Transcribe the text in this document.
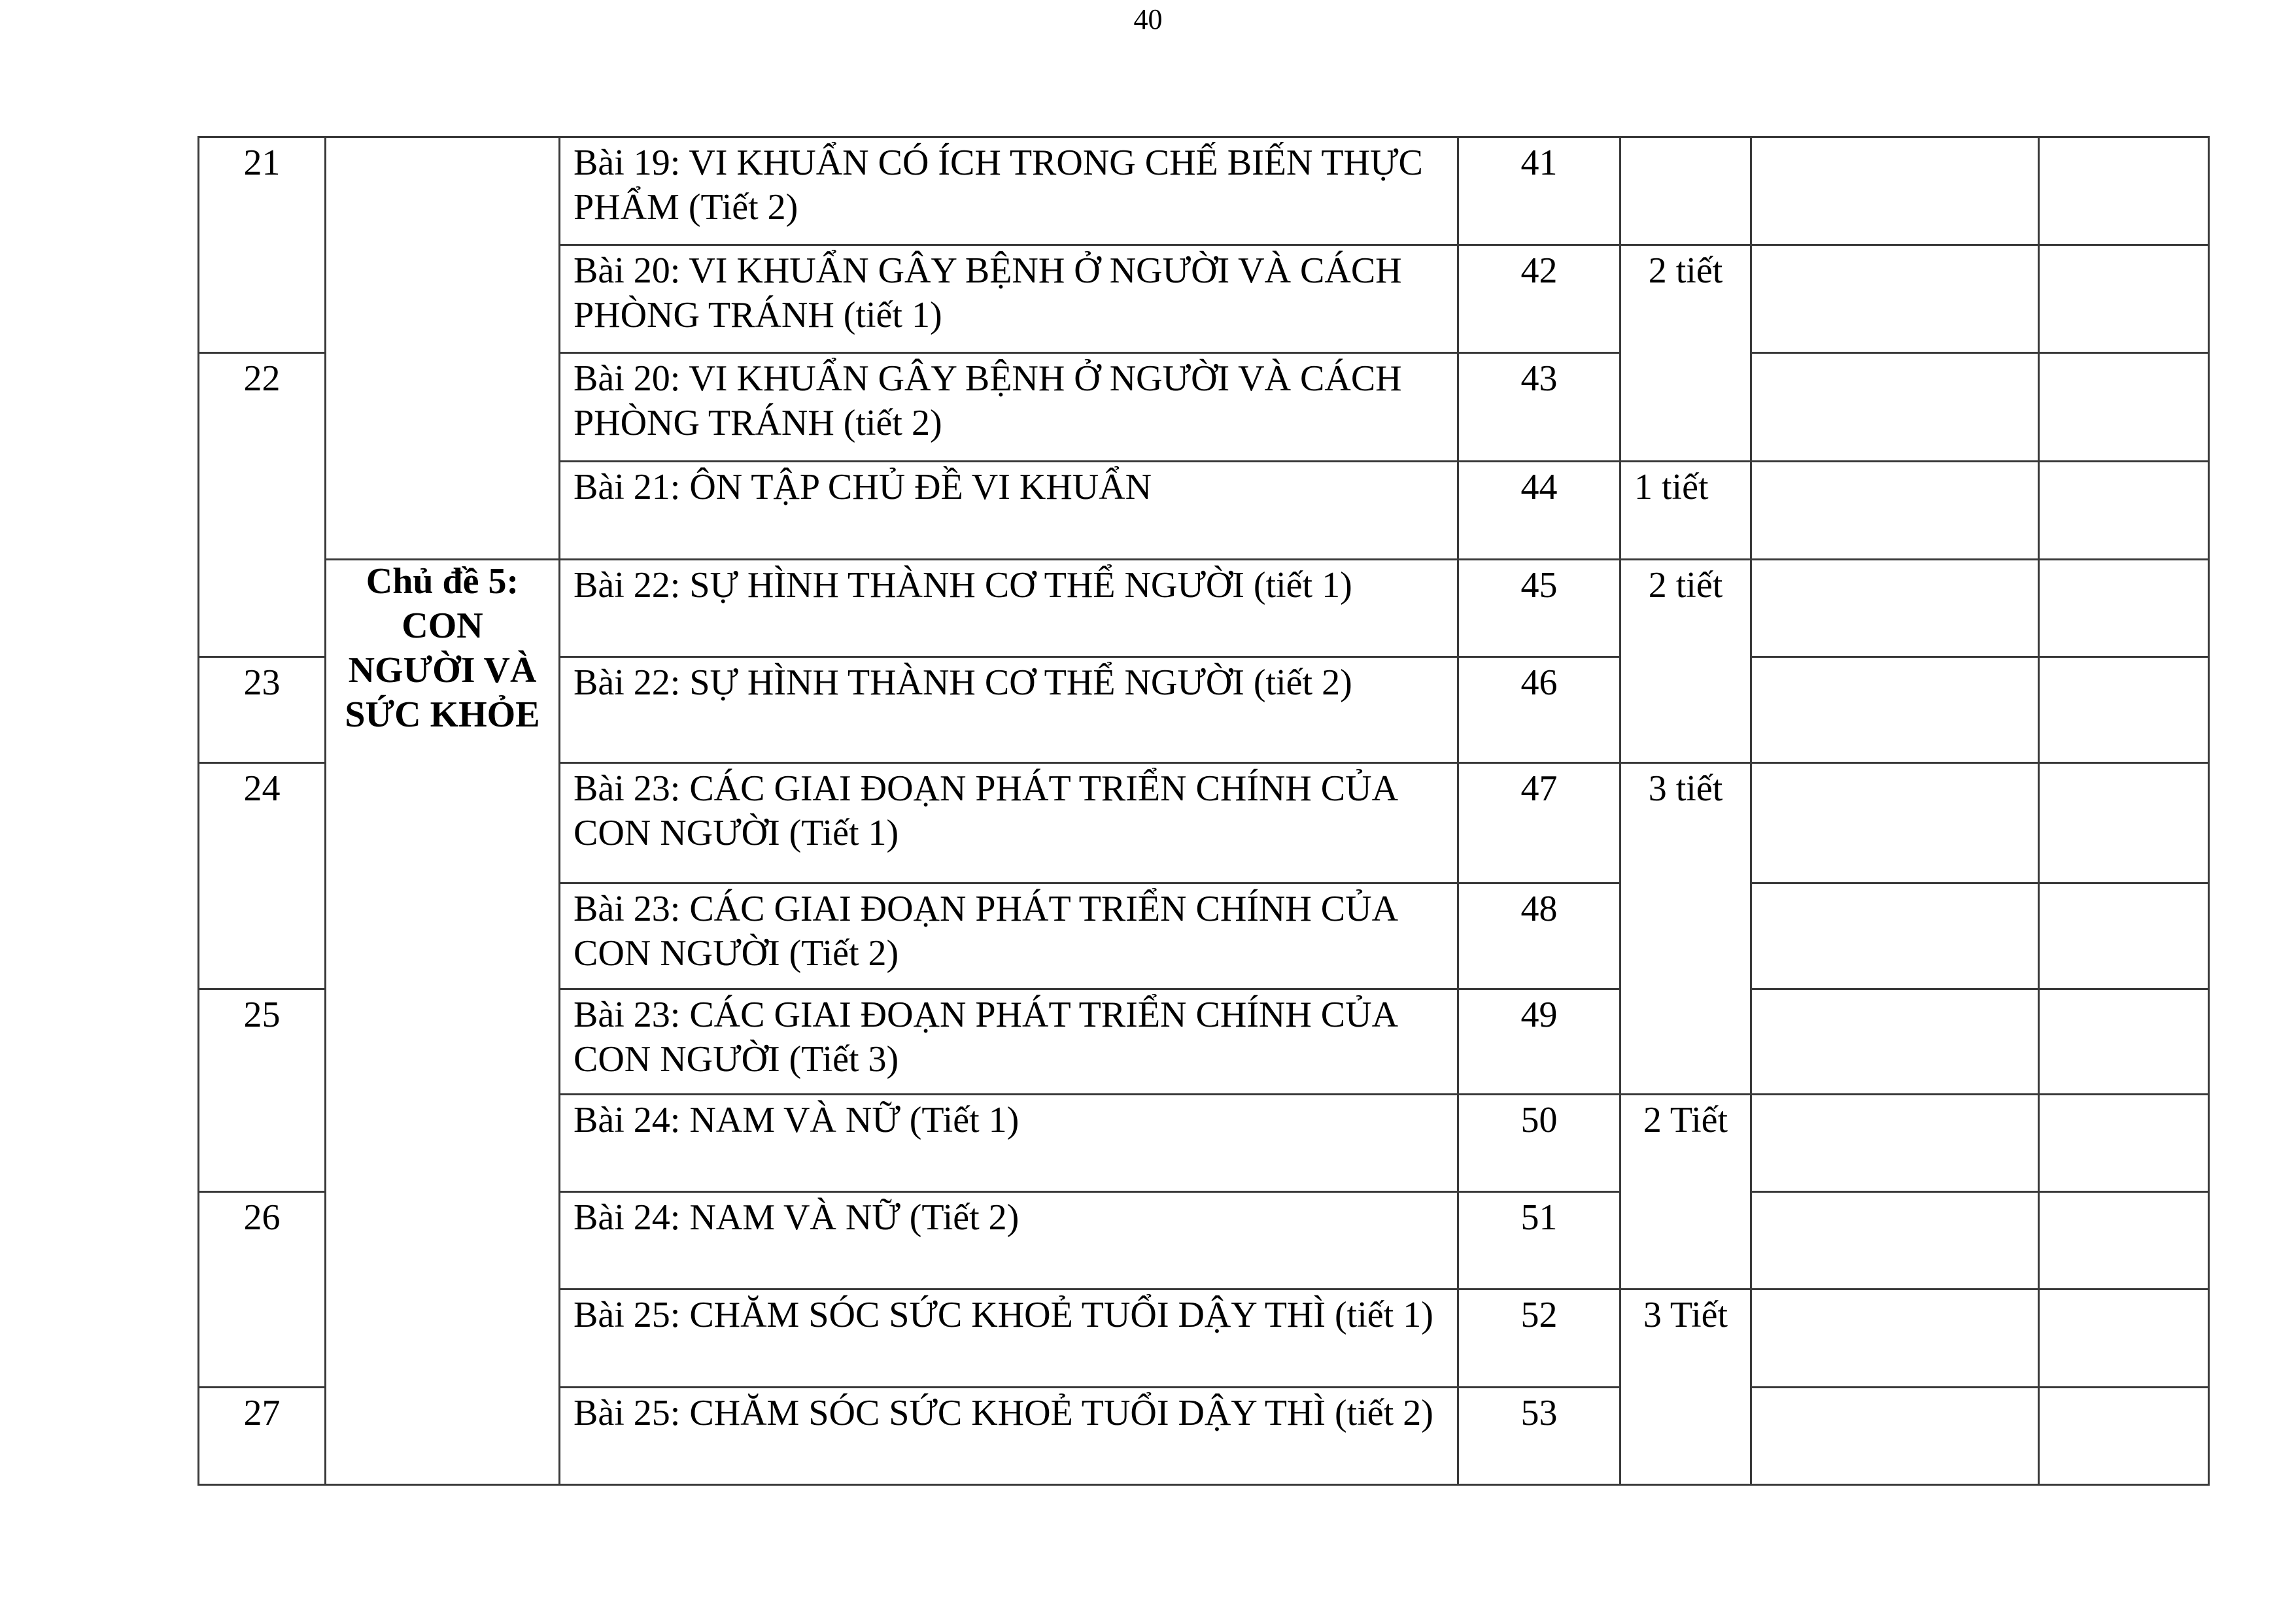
40
21		Bài 19: VI KHUẨN CÓ ÍCH TRONG CHẾ BIẾN THỰC PHẨM (Tiết 2)	41			
		Bài 20: VI KHUẨN GÂY BỆNH Ở NGƯỜI VÀ CÁCH PHÒNG TRÁNH (tiết 1)	42	2 tiết		
22		Bài 20: VI KHUẨN GÂY BỆNH Ở NGƯỜI VÀ CÁCH PHÒNG TRÁNH (tiết 2)	43			
		Bài 21: ÔN TẬP CHỦ ĐỀ VI KHUẨN	44	1 tiết		

	Chủ đề 5: CON NGƯỜI VÀ SỨC KHỎE	Bài 22: SỰ HÌNH THÀNH CƠ THỂ NGƯỜI (tiết 1)	45	2 tiết		
23		Bài 22: SỰ HÌNH THÀNH CƠ THỂ NGƯỜI (tiết 2)	46			
24		Bài 23: CÁC GIAI ĐOẠN PHÁT TRIỂN CHÍNH CỦA CON NGƯỜI (Tiết 1)	47	3 tiết		
		Bài 23: CÁC GIAI ĐOẠN PHÁT TRIỂN CHÍNH CỦA CON NGƯỜI (Tiết 2)	48			
25		Bài 23: CÁC GIAI ĐOẠN PHÁT TRIỂN CHÍNH CỦA CON NGƯỜI (Tiết 3)	49			
		Bài 24: NAM VÀ NỮ (Tiết 1)	50	2 Tiết		
26		Bài 24: NAM VÀ NỮ (Tiết 2)	51			
		Bài 25: CHĂM SÓC SỨC KHOẺ TUỔI DẬY THÌ (tiết 1)	52	3 Tiết		
27		Bài 25: CHĂM SÓC SỨC KHOẺ TUỔI DẬY THÌ (tiết 2)	53			
